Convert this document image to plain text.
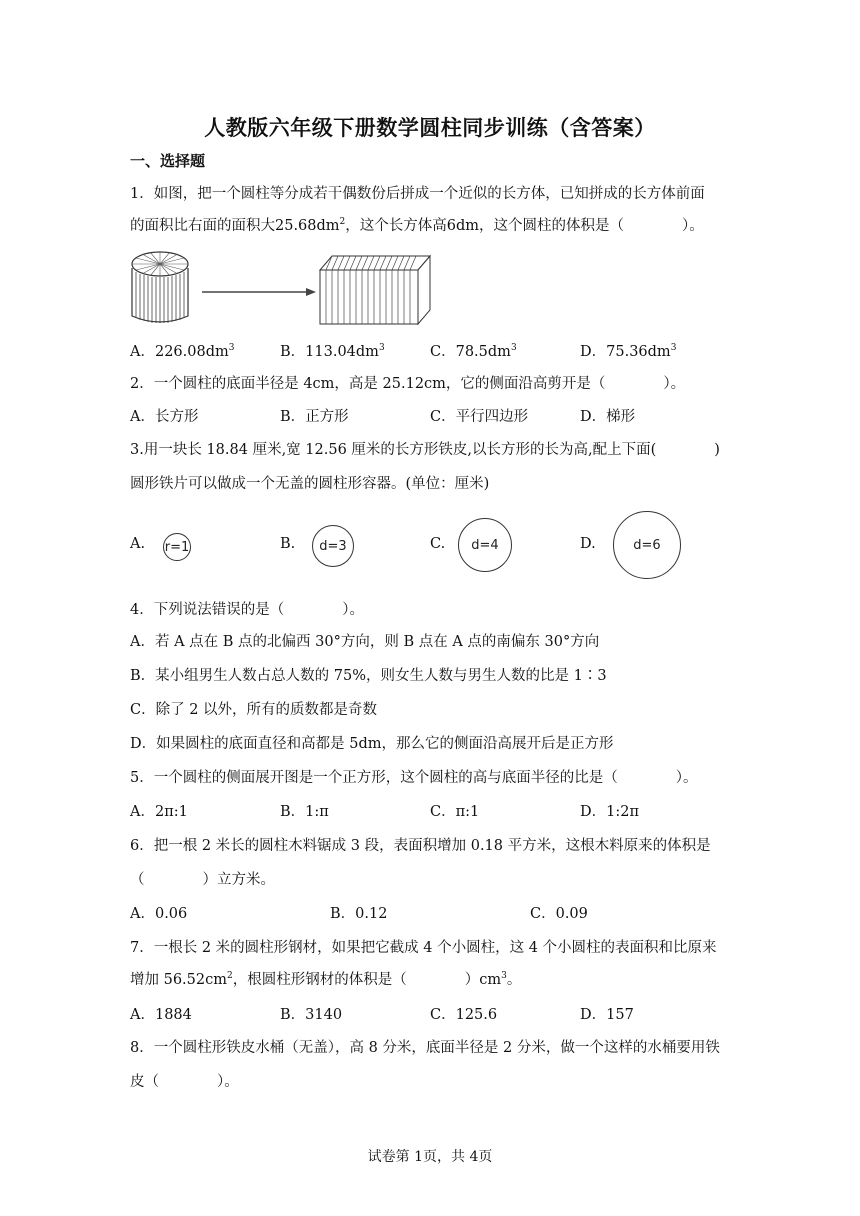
人教版六年级下册数学圆柱同步训练（含答案）
一、选择题
1．如图，把一个圆柱等分成若干偶数份后拼成一个近似的长方体，已知拼成的长方体前面
的面积比右面的面积大$25.68dm^2$，这个长方体高6dm，这个圆柱的体积是（	）。
A．$226.08dm^3$	B．$113.04dm^3$	C．$78.5dm^3$	D．$75.36dm^3$
2．一个圆柱的底面半径是 4cm，高是 25.12cm，它的侧面沿高剪开是（　　　　）。
A．长方形	B．正方形	C．平行四边形	D．梯形
3.用一块长 18.84 厘米,宽 12.56 厘米的长方形铁皮,以长方形的长为高,配上下面(　　　　)
圆形铁片可以做成一个无盖的圆柱形容器。(单位：厘米)
A. r=1	B.	d=3	C.	d=4	D.	d=6
4．下列说法错误的是（　　　　）。
A．若 A 点在 B 点的北偏西 30°方向，则 B 点在 A 点的南偏东 30°方向
B．某小组男生人数占总人数的 75%，则女生人数与男生人数的比是 1∶3
C．除了 2 以外，所有的质数都是奇数
D．如果圆柱的底面直径和高都是 5dm，那么它的侧面沿高展开后是正方形
5．一个圆柱的侧面展开图是一个正方形，这个圆柱的高与底面半径的比是（　　　　）。
A．2π:1	B．1:π	C．π:1	D．1:2π
6．把一根 2 米长的圆柱木料锯成 3 段，表面积增加 0.18 平方米，这根木料原来的体积是
（　　　　）立方米。
A．0.06	B．0.12	C．0.09
7．一根长 2 米的圆柱形钢材，如果把它截成 4 个小圆柱，这 4 个小圆柱的表面积和比原来
增加 $56.52cm^2$，根圆柱形钢材的体积是（　　　　）$cm^3$。
A．1884	B．3140	C．125.6	D．157
8．一个圆柱形铁皮水桶（无盖），高 8 分米，底面半径是 2 分米，做一个这样的水桶要用铁
皮（　　　　）。
试卷第 1页，共 4页
